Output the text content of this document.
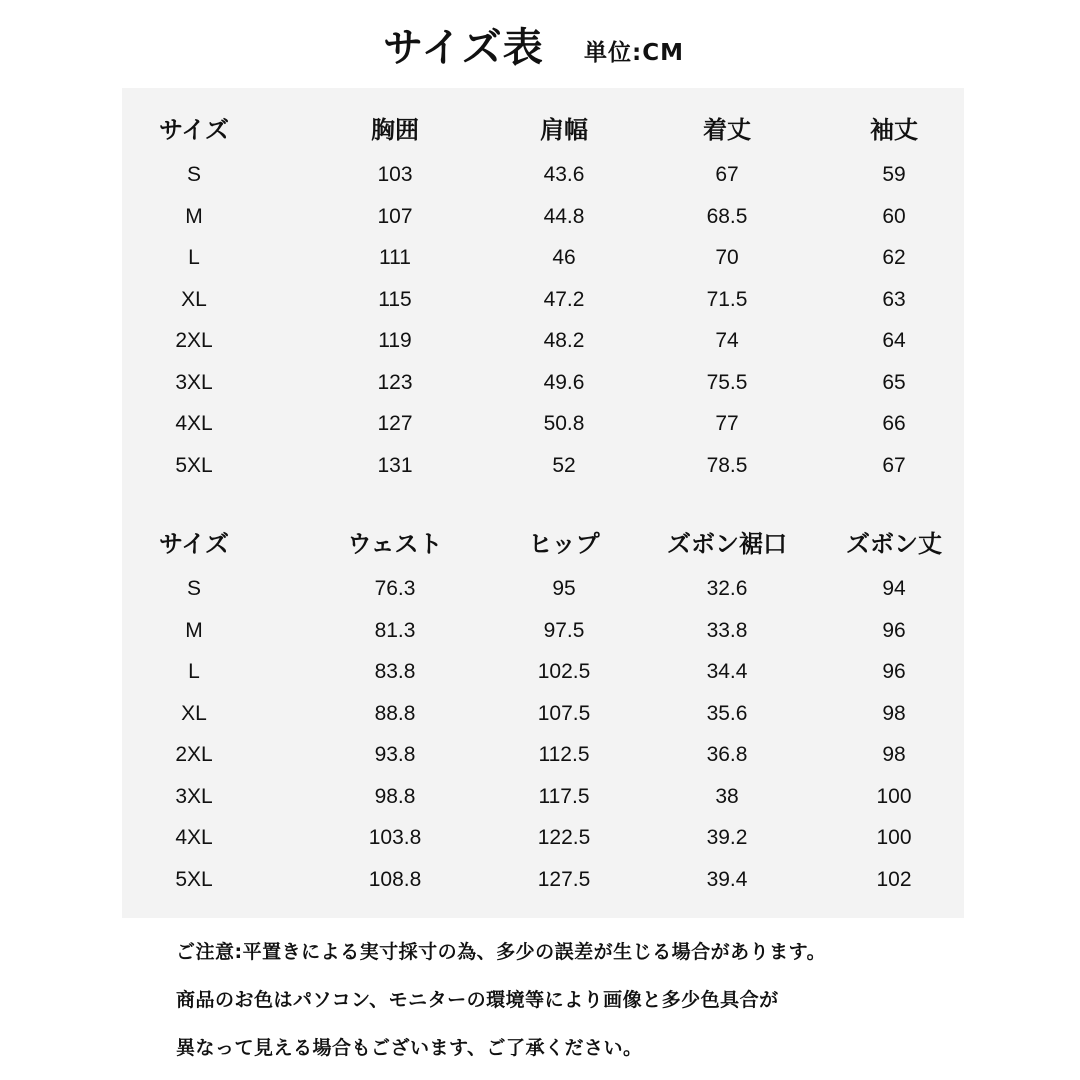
サイズ表 単位:CM
サイズ	胸囲	肩幅	着丈	袖丈
S	103	43.6	67	59
M	107	44.8	68.5	60
L	111	46	70	62
XL	115	47.2	71.5	63
2XL	119	48.2	74	64
3XL	123	49.6	75.5	65
4XL	127	50.8	77	66
5XL	131	52	78.5	67
サイズ	ウェスト	ヒップ	ズボン裾口	ズボン丈
S	76.3	95	32.6	94
M	81.3	97.5	33.8	96
L	83.8	102.5	34.4	96
XL	88.8	107.5	35.6	98
2XL	93.8	112.5	36.8	98
3XL	98.8	117.5	38	100
4XL	103.8	122.5	39.2	100
5XL	108.8	127.5	39.4	102
ご注意:平置きによる実寸採寸の為、多少の誤差が生じる場合があります。
商品のお色はパソコン、モニターの環境等により画像と多少色具合が
異なって見える場合もございます、ご了承ください。
